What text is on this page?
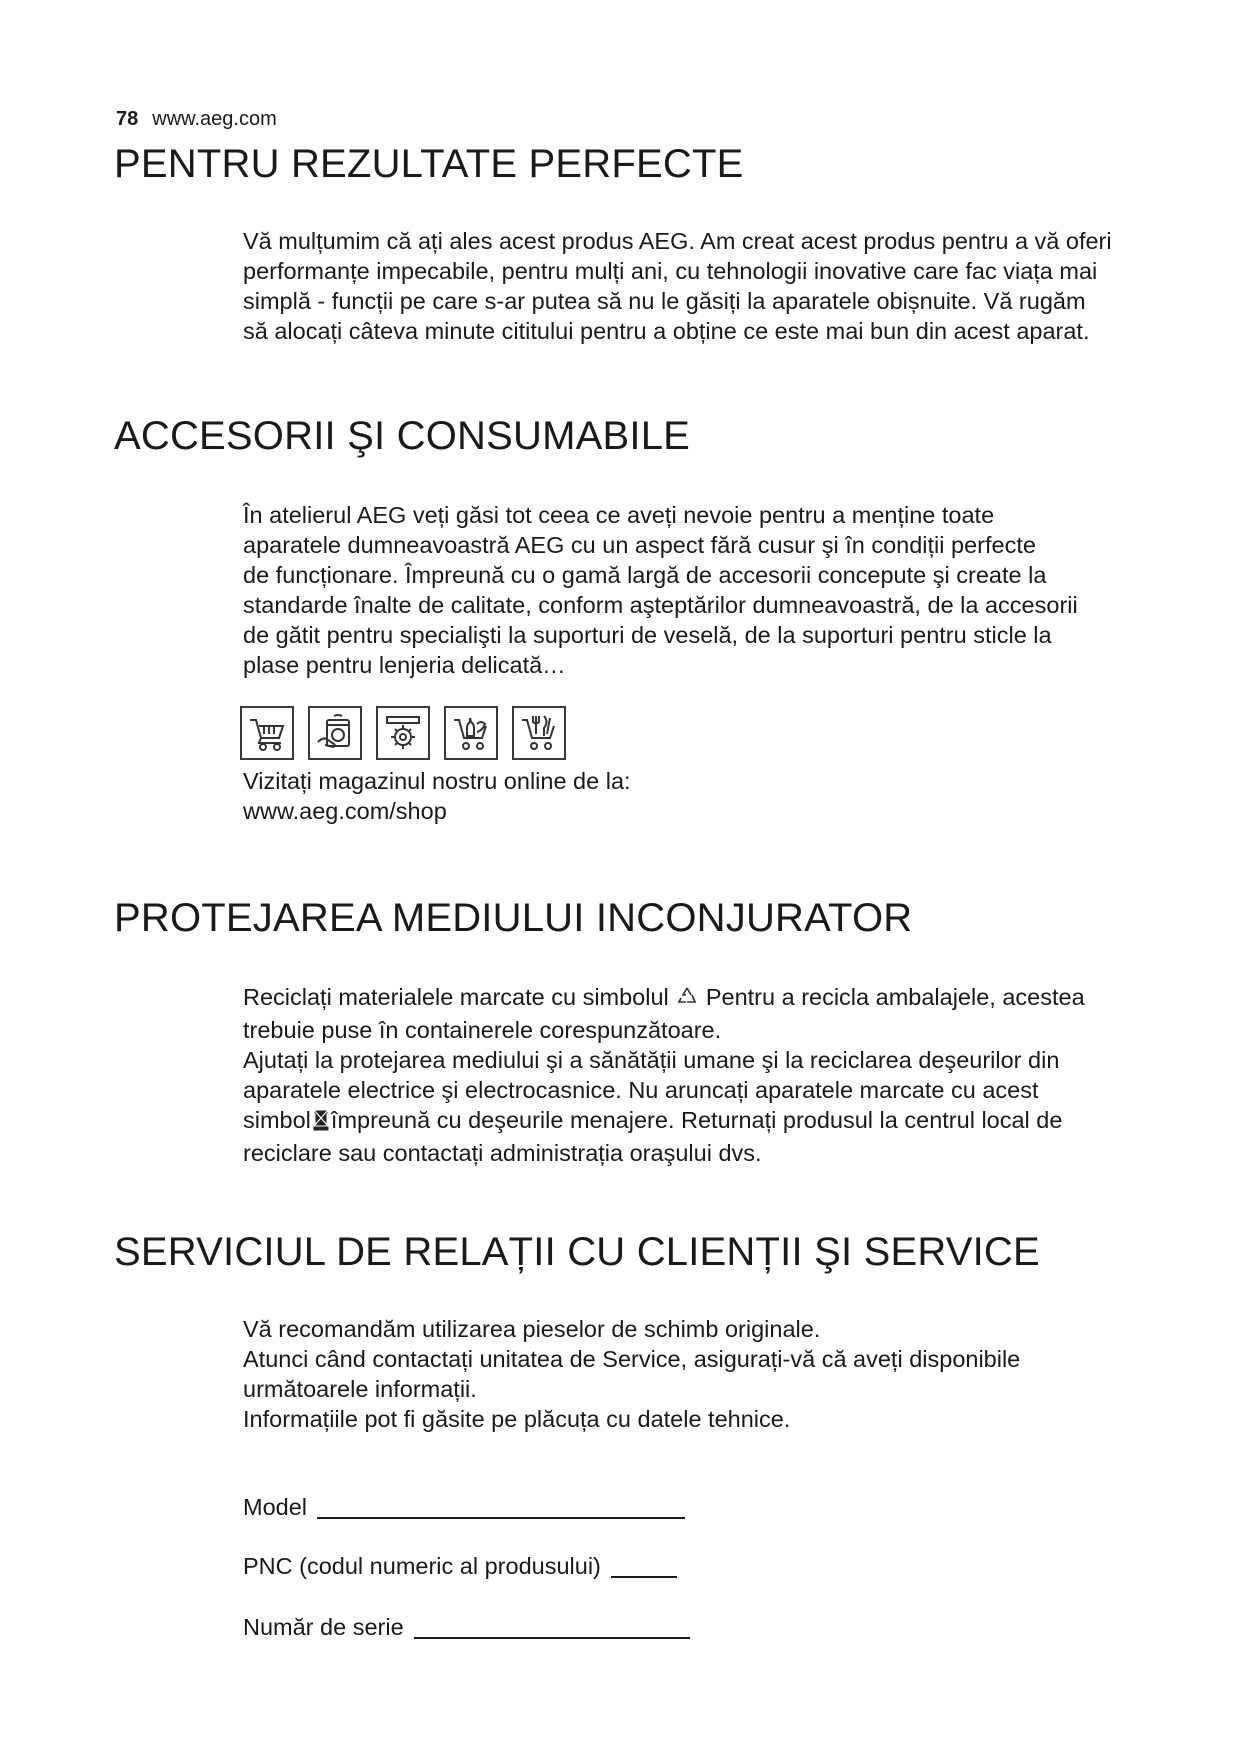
78 www.aeg.com
PENTRU REZULTATE PERFECTE

Vă mulțumim că ați ales acest produs AEG. Am creat acest produs pentru a vă oferi

performanțe impecabile, pentru mulți ani, cu tehnologii inovative care fac viața mai

simplă - funcții pe care s-ar putea să nu le găsiți la aparatele obișnuite. Vă rugăm

să alocați câteva minute cititului pentru a obține ce este mai bun din acest aparat.

ACCESORII ŞI CONSUMABILE

În atelierul AEG veți găsi tot ceea ce aveți nevoie pentru a menține toate

aparatele dumneavoastră AEG cu un aspect fără cusur şi în condiții perfecte

de funcționare. Împreună cu o gamă largă de accesorii concepute şi create la

standarde înalte de calitate, conform aşteptărilor dumneavoastră, de la accesorii

de gătit pentru specialişti la suporturi de veselă, de la suporturi pentru sticle la

plase pentru lenjeria delicată…

Vizitați magazinul nostru online de la:

www.aeg.com/shop

PROTEJAREA MEDIULUI INCONJURATOR

Reciclați materialele marcate cu simbolul Pentru a recicla ambalajele, acestea

trebuie puse în containerele corespunzătoare.

Ajutați la protejarea mediului şi a sănătății umane şi la reciclarea deşeurilor din

aparatele electrice şi electrocasnice. Nu aruncați aparatele marcate cu acest

simbol împreună cu deşeurile menajere. Returnați produsul la centrul local de

reciclare sau contactați administrația oraşului dvs.

SERVICIUL DE RELAȚII CU CLIENȚII ŞI SERVICE

Vă recomandăm utilizarea pieselor de schimb originale.

Atunci când contactați unitatea de Service, asigurați-vă că aveți disponibile

următoarele informații.

Informațiile pot fi găsite pe plăcuța cu datele tehnice.

Model
PNC (codul numeric al produsului)
Număr de serie
